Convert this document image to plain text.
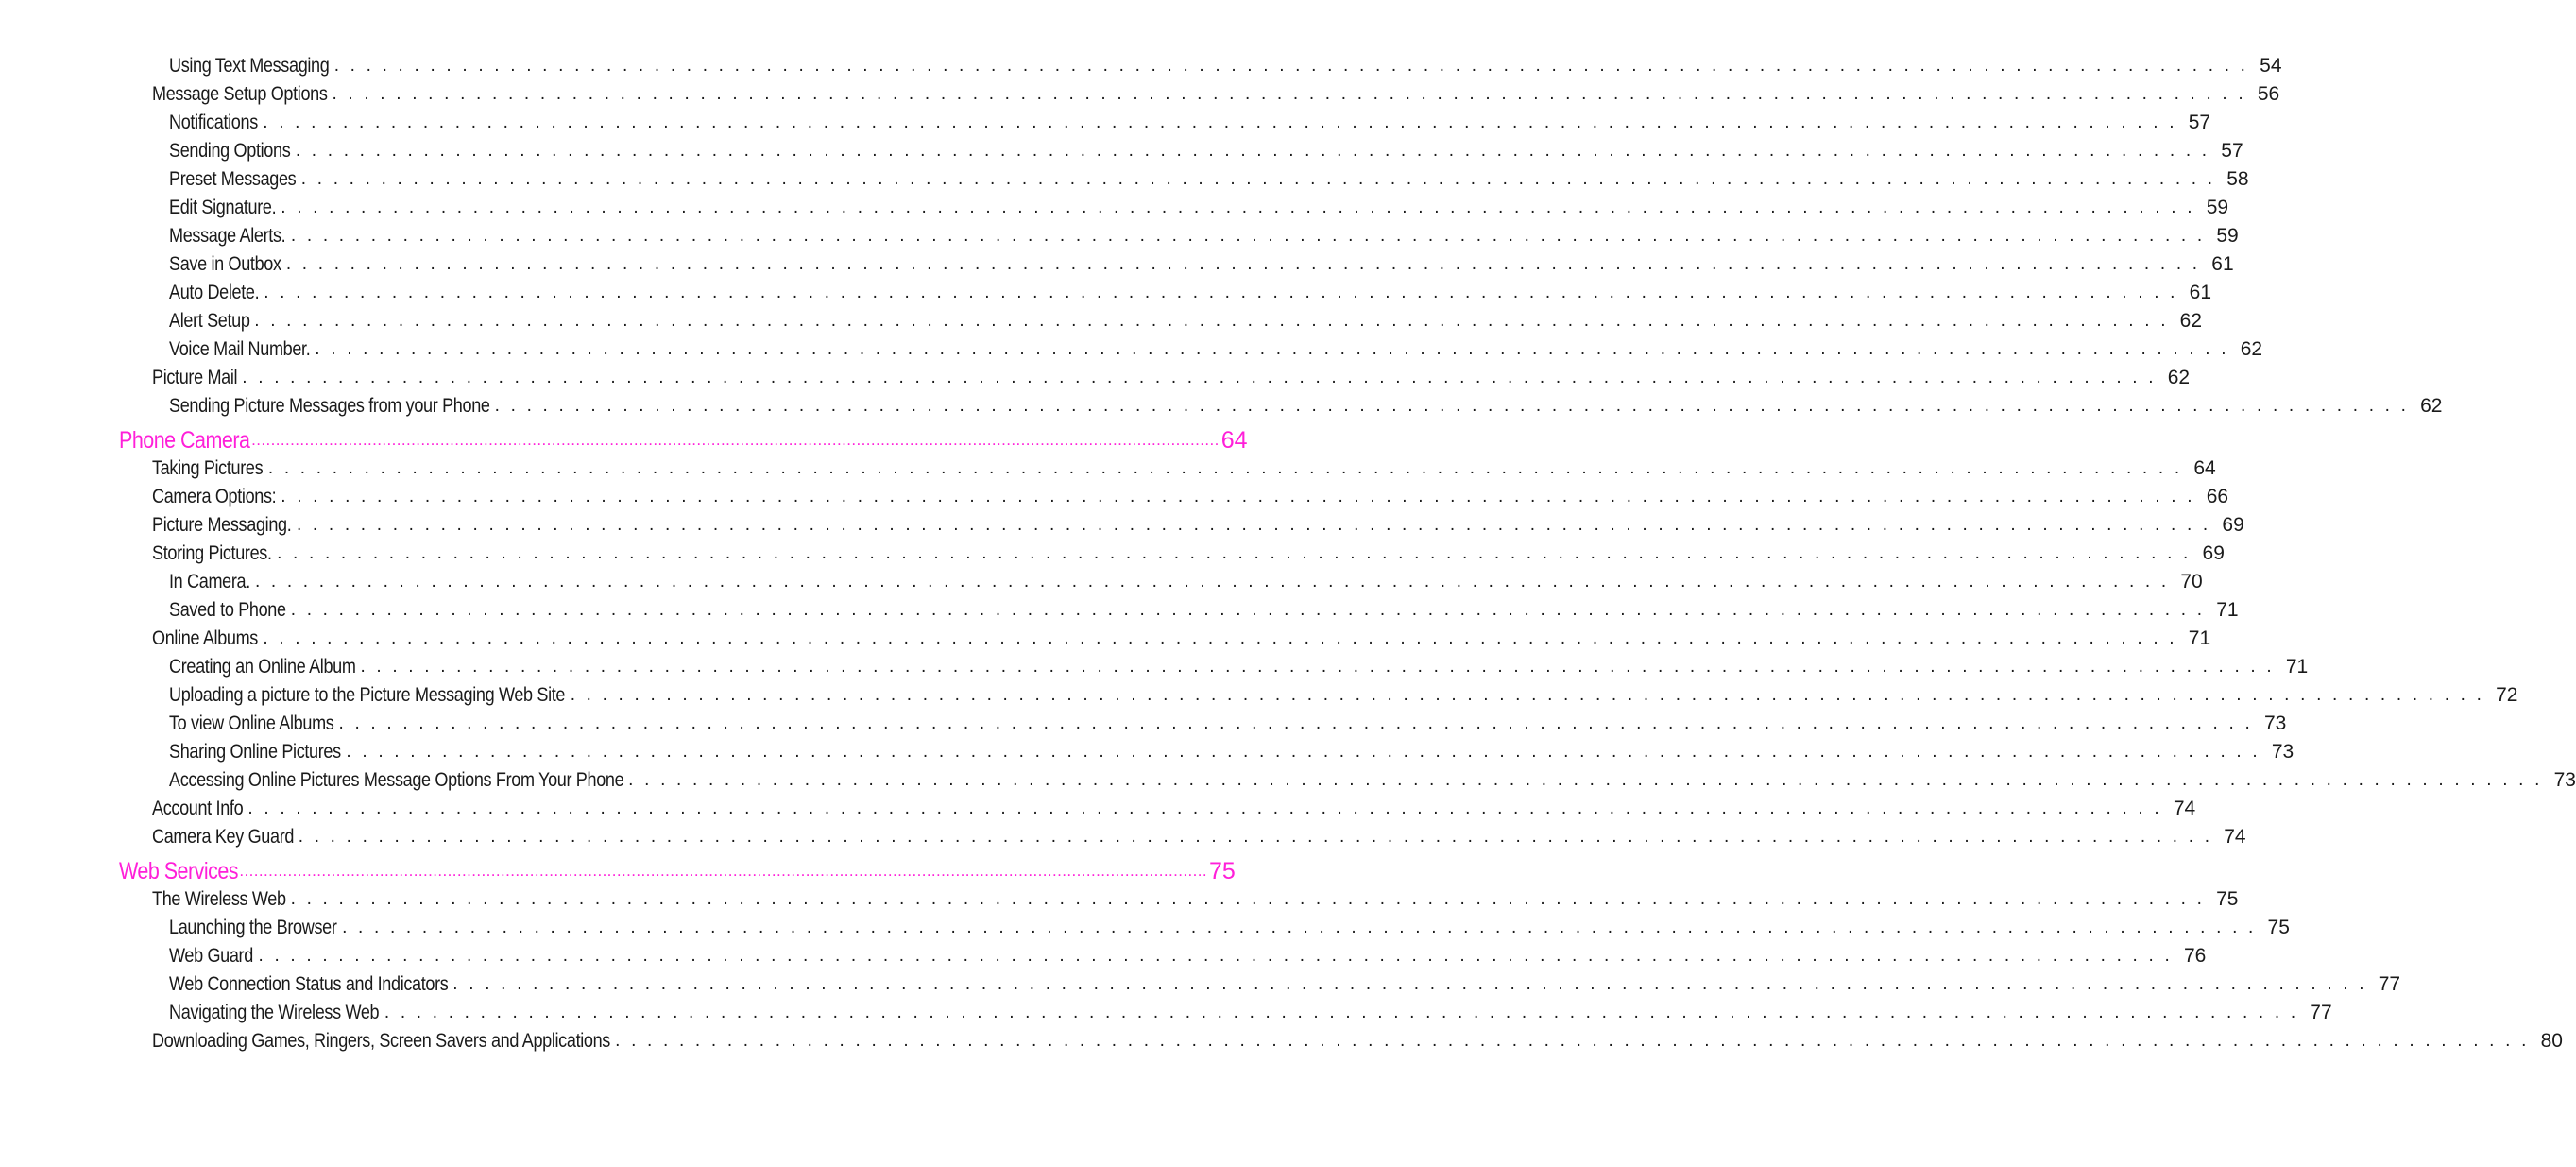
Using Text Messaging . . . . . . . . . . . . . . . . . . . . . . . . . . . . . . . . . . . . . . . . . . . . . . . . . . . . . . . . . . . . . . . . . . . . . . . . . . . . . . . . . . . . . . . . . . . . . . . . . . . . . . . . . . . . . . . . . . . . . . . . 54
Message Setup Options . . . . . . . . . . . . . . . . . . . . . . . . . . . . . . . . . . . . . . . . . . . . . . . . . . . . . . . . . . . . . . . . . . . . . . . . . . . . . . . . . . . . . . . . . . . . . . . . . . . . . . . . . . . . . . . . . . . . . . . . 56
Notifications . . . . . . . . . . . . . . . . . . . . . . . . . . . . . . . . . . . . . . . . . . . . . . . . . . . . . . . . . . . . . . . . . . . . . . . . . . . . . . . . . . . . . . . . . . . . . . . . . . . . . . . . . . . . . . . . . . . . . . . . 57
Sending Options . . . . . . . . . . . . . . . . . . . . . . . . . . . . . . . . . . . . . . . . . . . . . . . . . . . . . . . . . . . . . . . . . . . . . . . . . . . . . . . . . . . . . . . . . . . . . . . . . . . . . . . . . . . . . . . . . . . . . . . . 57
Preset Messages . . . . . . . . . . . . . . . . . . . . . . . . . . . . . . . . . . . . . . . . . . . . . . . . . . . . . . . . . . . . . . . . . . . . . . . . . . . . . . . . . . . . . . . . . . . . . . . . . . . . . . . . . . . . . . . . . . . . . . . . 58
Edit Signature. . . . . . . . . . . . . . . . . . . . . . . . . . . . . . . . . . . . . . . . . . . . . . . . . . . . . . . . . . . . . . . . . . . . . . . . . . . . . . . . . . . . . . . . . . . . . . . . . . . . . . . . . . . . . . . . . . . . . . . . . 59
Message Alerts. . . . . . . . . . . . . . . . . . . . . . . . . . . . . . . . . . . . . . . . . . . . . . . . . . . . . . . . . . . . . . . . . . . . . . . . . . . . . . . . . . . . . . . . . . . . . . . . . . . . . . . . . . . . . . . . . . . . . . . . . 59
Save in Outbox . . . . . . . . . . . . . . . . . . . . . . . . . . . . . . . . . . . . . . . . . . . . . . . . . . . . . . . . . . . . . . . . . . . . . . . . . . . . . . . . . . . . . . . . . . . . . . . . . . . . . . . . . . . . . . . . . . . . . . . . 61
Auto Delete. . . . . . . . . . . . . . . . . . . . . . . . . . . . . . . . . . . . . . . . . . . . . . . . . . . . . . . . . . . . . . . . . . . . . . . . . . . . . . . . . . . . . . . . . . . . . . . . . . . . . . . . . . . . . . . . . . . . . . . . . 61
Alert Setup . . . . . . . . . . . . . . . . . . . . . . . . . . . . . . . . . . . . . . . . . . . . . . . . . . . . . . . . . . . . . . . . . . . . . . . . . . . . . . . . . . . . . . . . . . . . . . . . . . . . . . . . . . . . . . . . . . . . . . . . 62
Voice Mail Number. . . . . . . . . . . . . . . . . . . . . . . . . . . . . . . . . . . . . . . . . . . . . . . . . . . . . . . . . . . . . . . . . . . . . . . . . . . . . . . . . . . . . . . . . . . . . . . . . . . . . . . . . . . . . . . . . . . . . . . . . 62
Picture Mail . . . . . . . . . . . . . . . . . . . . . . . . . . . . . . . . . . . . . . . . . . . . . . . . . . . . . . . . . . . . . . . . . . . . . . . . . . . . . . . . . . . . . . . . . . . . . . . . . . . . . . . . . . . . . . . . . . . . . . . . 62
Sending Picture Messages from your Phone . . . . . . . . . . . . . . . . . . . . . . . . . . . . . . . . . . . . . . . . . . . . . . . . . . . . . . . . . . . . . . . . . . . . . . . . . . . . . . . . . . . . . . . . . . . . . . . . . . . . . . . . . . . . . . . . . . . . . . . . 62
Phone Camera ........................................................................................................................................................................................................ 64
Taking Pictures . . . . . . . . . . . . . . . . . . . . . . . . . . . . . . . . . . . . . . . . . . . . . . . . . . . . . . . . . . . . . . . . . . . . . . . . . . . . . . . . . . . . . . . . . . . . . . . . . . . . . . . . . . . . . . . . . . . . . . . . 64
Camera Options: . . . . . . . . . . . . . . . . . . . . . . . . . . . . . . . . . . . . . . . . . . . . . . . . . . . . . . . . . . . . . . . . . . . . . . . . . . . . . . . . . . . . . . . . . . . . . . . . . . . . . . . . . . . . . . . . . . . . . . . . 66
Picture Messaging. . . . . . . . . . . . . . . . . . . . . . . . . . . . . . . . . . . . . . . . . . . . . . . . . . . . . . . . . . . . . . . . . . . . . . . . . . . . . . . . . . . . . . . . . . . . . . . . . . . . . . . . . . . . . . . . . . . . . . . . . 69
Storing Pictures. . . . . . . . . . . . . . . . . . . . . . . . . . . . . . . . . . . . . . . . . . . . . . . . . . . . . . . . . . . . . . . . . . . . . . . . . . . . . . . . . . . . . . . . . . . . . . . . . . . . . . . . . . . . . . . . . . . . . . . . . 69
In Camera. . . . . . . . . . . . . . . . . . . . . . . . . . . . . . . . . . . . . . . . . . . . . . . . . . . . . . . . . . . . . . . . . . . . . . . . . . . . . . . . . . . . . . . . . . . . . . . . . . . . . . . . . . . . . . . . . . . . . . . . . 70
Saved to Phone . . . . . . . . . . . . . . . . . . . . . . . . . . . . . . . . . . . . . . . . . . . . . . . . . . . . . . . . . . . . . . . . . . . . . . . . . . . . . . . . . . . . . . . . . . . . . . . . . . . . . . . . . . . . . . . . . . . . . . . . 71
Online Albums . . . . . . . . . . . . . . . . . . . . . . . . . . . . . . . . . . . . . . . . . . . . . . . . . . . . . . . . . . . . . . . . . . . . . . . . . . . . . . . . . . . . . . . . . . . . . . . . . . . . . . . . . . . . . . . . . . . . . . . . 71
Creating an Online Album . . . . . . . . . . . . . . . . . . . . . . . . . . . . . . . . . . . . . . . . . . . . . . . . . . . . . . . . . . . . . . . . . . . . . . . . . . . . . . . . . . . . . . . . . . . . . . . . . . . . . . . . . . . . . . . . . . . . . . . . 71
Uploading a picture to the Picture Messaging Web Site . . . . . . . . . . . . . . . . . . . . . . . . . . . . . . . . . . . . . . . . . . . . . . . . . . . . . . . . . . . . . . . . . . . . . . . . . . . . . . . . . . . . . . . . . . . . . . . . . . . . . . . . . . . . . . . . . . . . . . . . 72
To view Online Albums . . . . . . . . . . . . . . . . . . . . . . . . . . . . . . . . . . . . . . . . . . . . . . . . . . . . . . . . . . . . . . . . . . . . . . . . . . . . . . . . . . . . . . . . . . . . . . . . . . . . . . . . . . . . . . . . . . . . . . . . 73
Sharing Online Pictures . . . . . . . . . . . . . . . . . . . . . . . . . . . . . . . . . . . . . . . . . . . . . . . . . . . . . . . . . . . . . . . . . . . . . . . . . . . . . . . . . . . . . . . . . . . . . . . . . . . . . . . . . . . . . . . . . . . . . . . . 73
Accessing Online Pictures Message Options From Your Phone . . . . . . . . . . . . . . . . . . . . . . . . . . . . . . . . . . . . . . . . . . . . . . . . . . . . . . . . . . . . . . . . . . . . . . . . . . . . . . . . . . . . . . . . . . . . . . . . . . . . . . . . . . . . . . . . . . . . . . . . 73
Account Info . . . . . . . . . . . . . . . . . . . . . . . . . . . . . . . . . . . . . . . . . . . . . . . . . . . . . . . . . . . . . . . . . . . . . . . . . . . . . . . . . . . . . . . . . . . . . . . . . . . . . . . . . . . . . . . . . . . . . . . . 74
Camera Key Guard . . . . . . . . . . . . . . . . . . . . . . . . . . . . . . . . . . . . . . . . . . . . . . . . . . . . . . . . . . . . . . . . . . . . . . . . . . . . . . . . . . . . . . . . . . . . . . . . . . . . . . . . . . . . . . . . . . . . . . . . 74
Web Services ........................................................................................................................................................................................................ 75
The Wireless Web . . . . . . . . . . . . . . . . . . . . . . . . . . . . . . . . . . . . . . . . . . . . . . . . . . . . . . . . . . . . . . . . . . . . . . . . . . . . . . . . . . . . . . . . . . . . . . . . . . . . . . . . . . . . . . . . . . . . . . . . 75
Launching the Browser . . . . . . . . . . . . . . . . . . . . . . . . . . . . . . . . . . . . . . . . . . . . . . . . . . . . . . . . . . . . . . . . . . . . . . . . . . . . . . . . . . . . . . . . . . . . . . . . . . . . . . . . . . . . . . . . . . . . . . . . 75
Web Guard . . . . . . . . . . . . . . . . . . . . . . . . . . . . . . . . . . . . . . . . . . . . . . . . . . . . . . . . . . . . . . . . . . . . . . . . . . . . . . . . . . . . . . . . . . . . . . . . . . . . . . . . . . . . . . . . . . . . . . . . 76
Web Connection Status and Indicators . . . . . . . . . . . . . . . . . . . . . . . . . . . . . . . . . . . . . . . . . . . . . . . . . . . . . . . . . . . . . . . . . . . . . . . . . . . . . . . . . . . . . . . . . . . . . . . . . . . . . . . . . . . . . . . . . . . . . . . . 77
Navigating the Wireless Web . . . . . . . . . . . . . . . . . . . . . . . . . . . . . . . . . . . . . . . . . . . . . . . . . . . . . . . . . . . . . . . . . . . . . . . . . . . . . . . . . . . . . . . . . . . . . . . . . . . . . . . . . . . . . . . . . . . . . . . . 77
Downloading Games, Ringers, Screen Savers and Applications . . . . . . . . . . . . . . . . . . . . . . . . . . . . . . . . . . . . . . . . . . . . . . . . . . . . . . . . . . . . . . . . . . . . . . . . . . . . . . . . . . . . . . . . . . . . . . . . . . . . . . . . . . . . . . . . . . . . . . . . 80
